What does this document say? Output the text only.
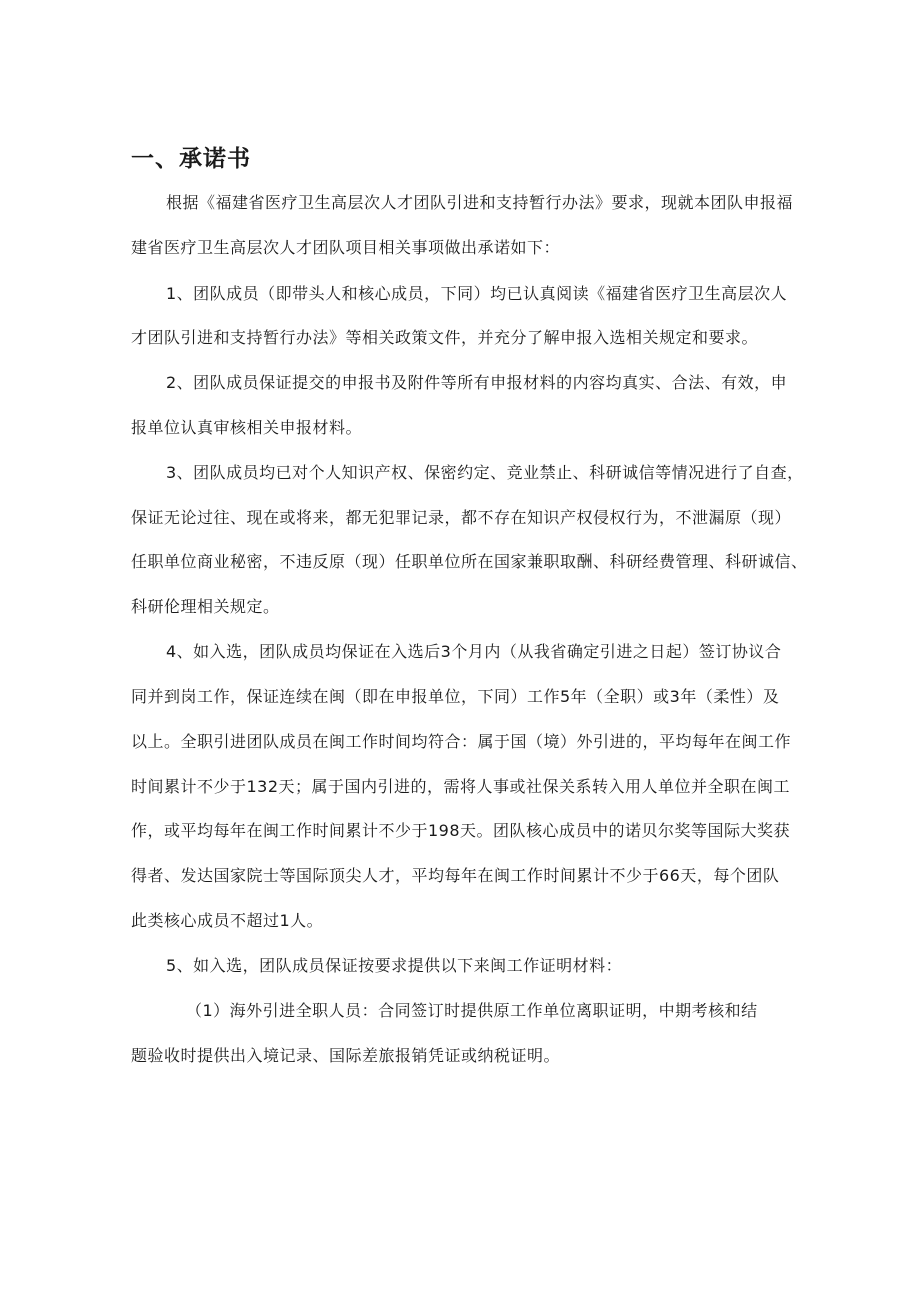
一、承诺书
根据《福建省医疗卫生高层次人才团队引进和支持暂行办法》要求，现就本团队申报福
建省医疗卫生高层次人才团队项目相关事项做出承诺如下：
1、团队成员（即带头人和核心成员，下同）均已认真阅读《福建省医疗卫生高层次人
才团队引进和支持暂行办法》等相关政策文件，并充分了解申报入选相关规定和要求。
2、团队成员保证提交的申报书及附件等所有申报材料的内容均真实、合法、有效，申
报单位认真审核相关申报材料。
3、团队成员均已对个人知识产权、保密约定、竞业禁止、科研诚信等情况进行了自查，
保证无论过往、现在或将来，都无犯罪记录，都不存在知识产权侵权行为，不泄漏原（现）
任职单位商业秘密，不违反原（现）任职单位所在国家兼职取酬、科研经费管理、科研诚信、
科研伦理相关规定。
4、如入选，团队成员均保证在入选后3个月内（从我省确定引进之日起）签订协议合
同并到岗工作，保证连续在闽（即在申报单位，下同）工作5年（全职）或3年（柔性）及
以上。全职引进团队成员在闽工作时间均符合：属于国（境）外引进的，平均每年在闽工作
时间累计不少于132天；属于国内引进的，需将人事或社保关系转入用人单位并全职在闽工
作，或平均每年在闽工作时间累计不少于198天。团队核心成员中的诺贝尔奖等国际大奖获
得者、发达国家院士等国际顶尖人才，平均每年在闽工作时间累计不少于66天，每个团队
此类核心成员不超过1人。
5、如入选，团队成员保证按要求提供以下来闽工作证明材料：
（1）海外引进全职人员：合同签订时提供原工作单位离职证明，中期考核和结
题验收时提供出入境记录、国际差旅报销凭证或纳税证明。
